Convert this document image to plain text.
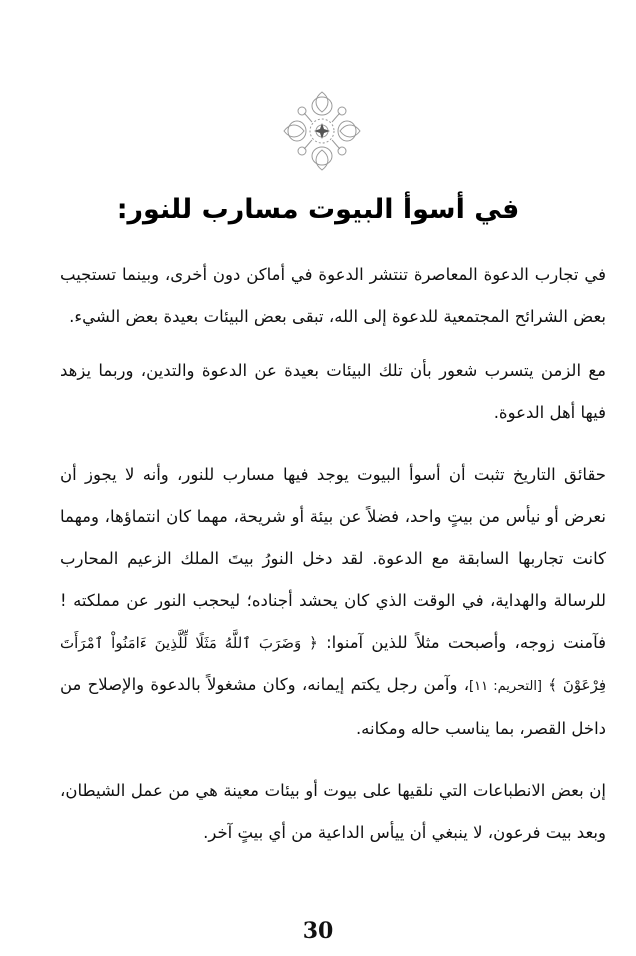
في أسوأ البيوت مسارب للنور:

في تجارب الدعوة المعاصرة تنتشر الدعوة في أماكن دون أخرى، وبينما تستجيب بعض الشرائح المجتمعية للدعوة إلى الله، تبقى بعض البيئات بعيدة بعض الشيء.

مع الزمن يتسرب شعور بأن تلك البيئات بعيدة عن الدعوة والتدين، وربما يزهد فيها أهل الدعوة.

حقائق التاريخ تثبت أن أسوأ البيوت يوجد فيها مسارب للنور، وأنه لا يجوز أن نعرض أو نيأس من بيتٍ واحد، فضلاً عن بيئة أو شريحة، مهما كان انتماؤها، ومهما كانت تجاربها السابقة مع الدعوة. لقد دخل النورُ بيتَ الملك الزعيم المحارب للرسالة والهداية، في الوقت الذي كان يحشد أجناده؛ ليحجب النور عن مملكته ! فآمنت زوجه، وأصبحت مثلاً للذين آمنوا: ﴿ وَضَرَبَ ٱللَّهُ مَثَلًا لِّلَّذِينَ ءَامَنُواْ ٱمْرَأَتَ فِرْعَوْنَ ﴾ [التحريم: ١١]، وآمن رجل يكتم إيمانه، وكان مشغولاً بالدعوة والإصلاح من داخل القصر، بما يناسب حاله ومكانه.

إن بعض الانطباعات التي نلقيها على بيوت أو بيئات معينة هي من عمل الشيطان، وبعد بيت فرعون، لا ينبغي أن ييأس الداعية من أي بيتٍ آخر.

30
